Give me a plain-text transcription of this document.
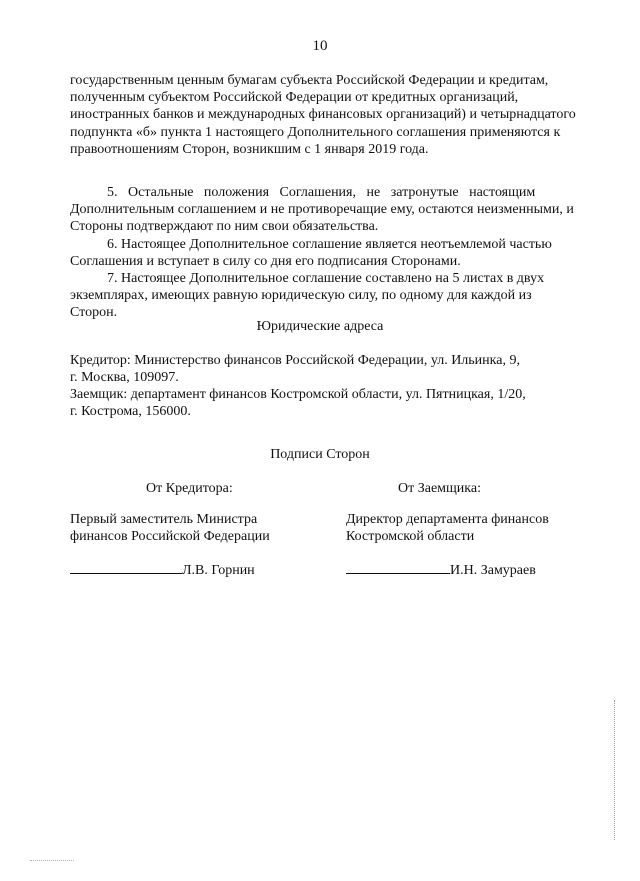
10

государственным ценным бумагам субъекта Российской Федерации и кредитам,

полученным субъектом Российской Федерации от кредитных организаций,

иностранных банков и международных финансовых организаций) и четырнадцатого

подпункта «б» пункта 1 настоящего Дополнительного соглашения применяются к

правоотношениям Сторон, возникшим с 1 января 2019 года.

5.   Остальные   положения   Соглашения,   не   затронутые   настоящим

Дополнительным соглашением и не противоречащие ему, остаются неизменными, и

Стороны подтверждают по ним свои обязательства.

6. Настоящее Дополнительное соглашение является неотъемлемой частью

Соглашения и вступает в силу со дня его подписания Сторонами.

7. Настоящее Дополнительное соглашение составлено на 5 листах в двух

экземплярах, имеющих равную юридическую силу, по одному для каждой из

Сторон.

Юридические адреса

Кредитор: Министерство финансов Российской Федерации, ул. Ильинка, 9,

г. Москва, 109097.

Заемщик: департамент финансов Костромской области, ул. Пятницкая, 1/20,

г. Кострома, 156000.

Подписи Сторон
От Кредитора:
Первый заместитель Министра
финансов Российской Федерации
Л.В. Горнин
От Заемщика:
Директор департамента финансов
Костромской области
И.Н. Замураев
